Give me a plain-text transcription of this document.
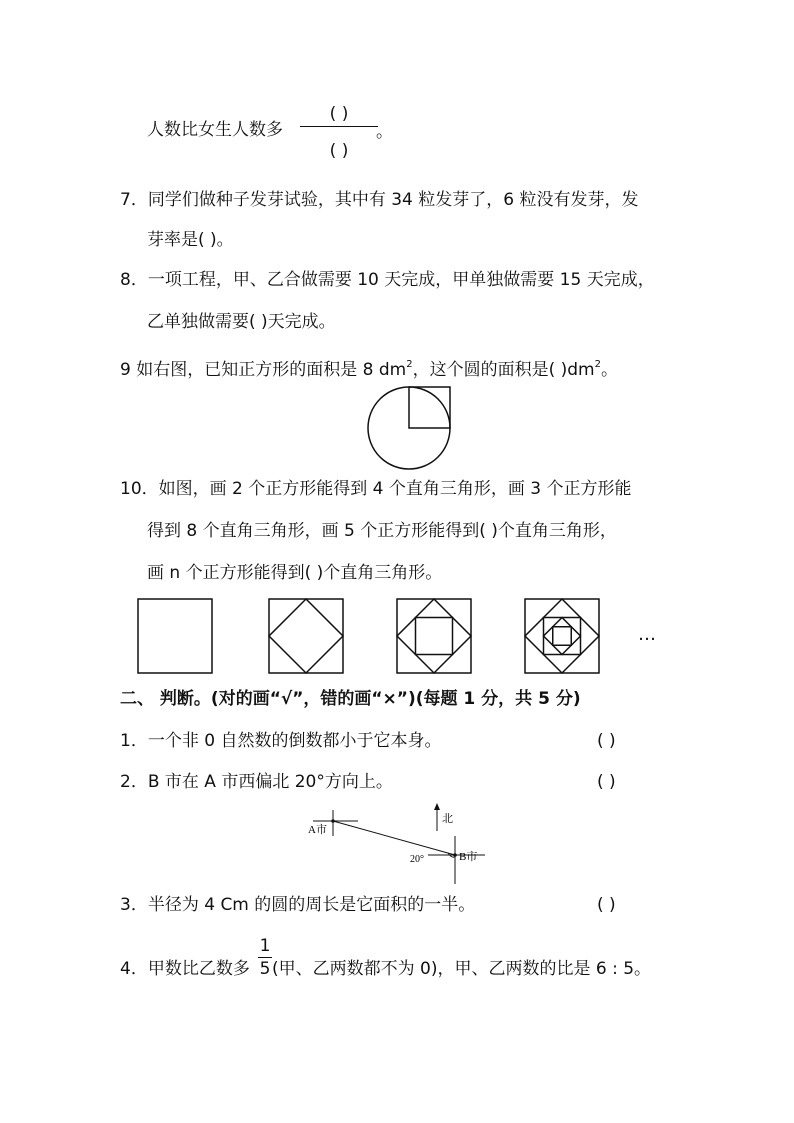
人数比女生人数多
( )
( )
。
7．同学们做种子发芽试验，其中有 34 粒发芽了，6 粒没有发芽，发
芽率是( )。
8．一项工程，甲、乙合做需要 10 天完成，甲单独做需要 15 天完成，
乙单独做需要( )天完成。
9 如右图，已知正方形的面积是 8 $dm^2$，这个圆的面积是( )$dm^2$。
10．如图，画 2 个正方形能得到 4 个直角三角形，画 3 个正方形能
得到 8 个直角三角形，画 5 个正方形能得到( )个直角三角形，
画 n 个正方形能得到( )个直角三角形。
…
二、 判断。(对的画“√”，错的画“×”)(每题 1 分，共 5 分)
1．一个非 0 自然数的倒数都小于它本身。	( )
2．B 市在 A 市西偏北 20°方向上。	( )
北
A市
B市
20°
3．半径为 4 Cm 的圆的周长是它面积的一半。	( )
4．甲数比乙数多
1
5 (甲、乙两数都不为 0)，甲、乙两数的比是 6 : 5。
